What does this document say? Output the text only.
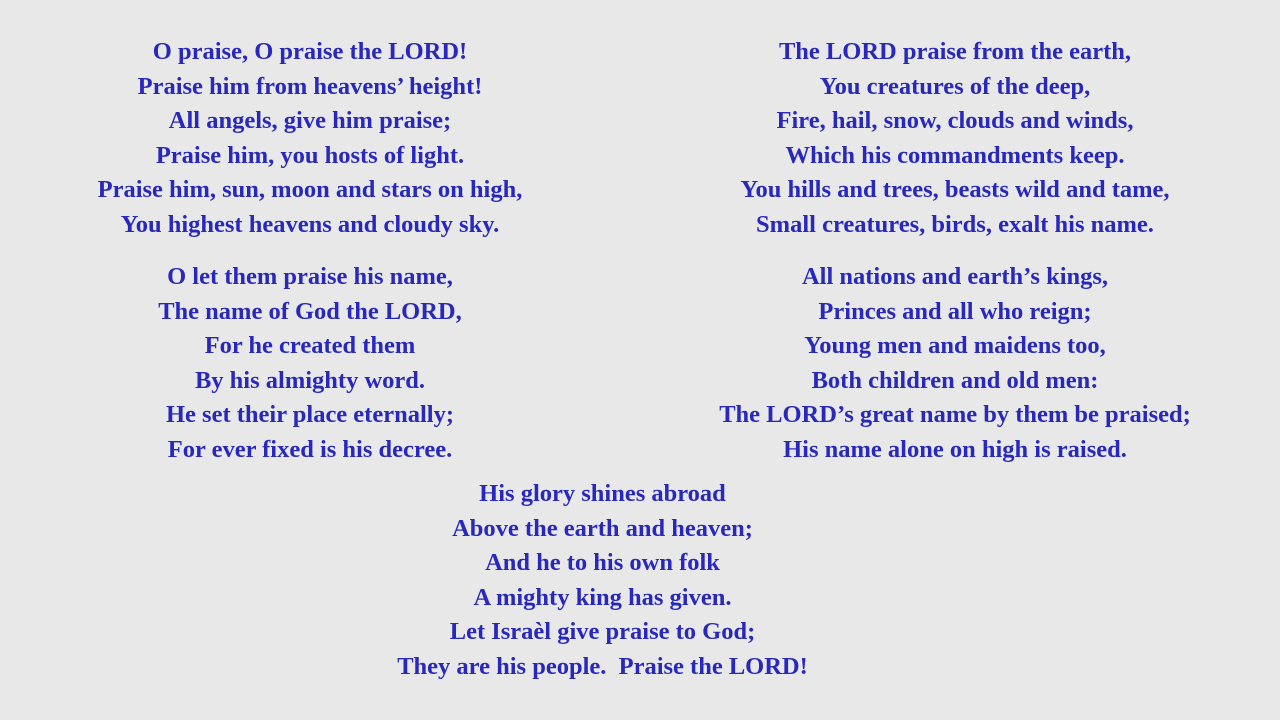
O praise, O praise the LORD!
Praise him from heavens’ height!
All angels, give him praise;
Praise him, you hosts of light.
Praise him, sun, moon and stars on high,
You highest heavens and cloudy sky.
The LORD praise from the earth,
You creatures of the deep,
Fire, hail, snow, clouds and winds,
Which his commandments keep.
You hills and trees, beasts wild and tame,
Small creatures, birds, exalt his name.
O let them praise his name,
The name of God the LORD,
For he created them
By his almighty word.
He set their place eternally;
For ever fixed is his decree.
All nations and earth’s kings,
Princes and all who reign;
Young men and maidens too,
Both children and old men:
The LORD’s great name by them be praised;
His name alone on high is raised.
His glory shines abroad
Above the earth and heaven;
And he to his own folk
A mighty king has given.
Let Israèl give praise to God;
They are his people.  Praise the LORD!
